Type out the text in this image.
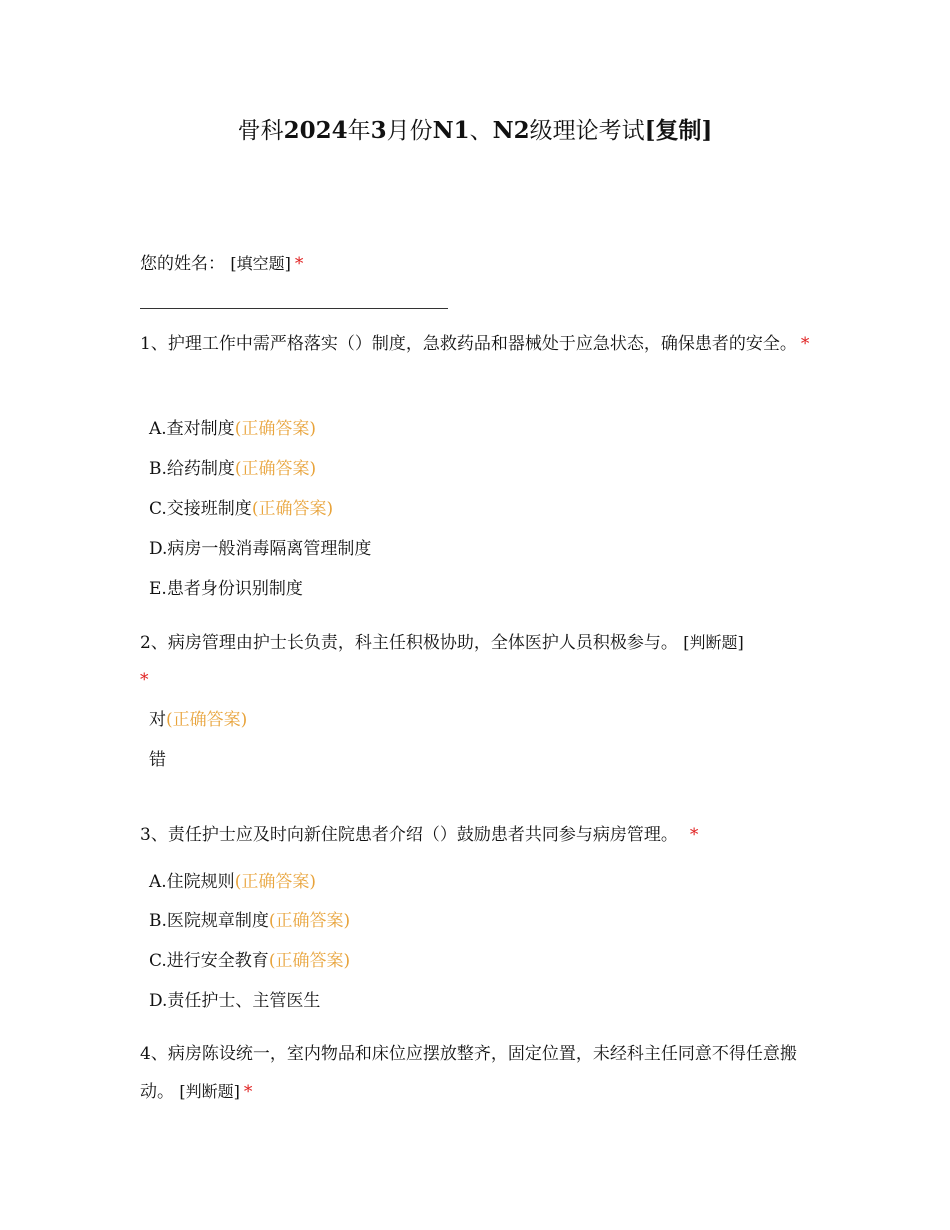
骨科2024年3月份N1、N2级理论考试[复制]
您的姓名： [填空题] *
1、护理工作中需严格落实（）制度，急救药品和器械处于应急状态，确保患者的安全。 *
A.查对制度(正确答案)
B.给药制度(正确答案)
C.交接班制度(正确答案)
D.病房一般消毒隔离管理制度
E.患者身份识别制度
2、病房管理由护士长负责，科主任积极协助，全体医护人员积极参与。 [判断题]
*
对(正确答案)
错
3、责任护士应及时向新住院患者介绍（）鼓励患者共同参与病房管理。 *
A.住院规则(正确答案)
B.医院规章制度(正确答案)
C.进行安全教育(正确答案)
D.责任护士、主管医生
4、病房陈设统一，室内物品和床位应摆放整齐，固定位置，未经科主任同意不得任意搬动。 [判断题] *
